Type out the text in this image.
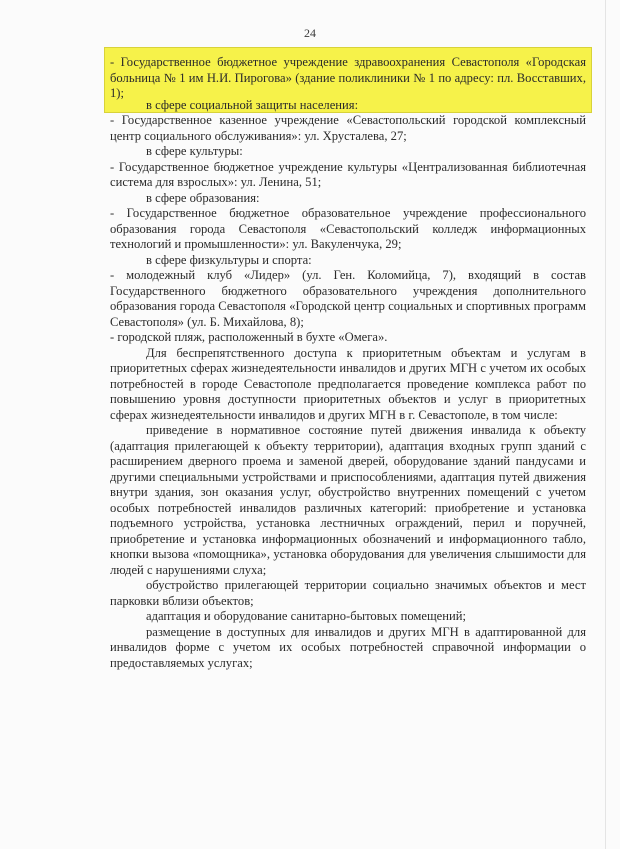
24

- Государственное бюджетное учреждение здравоохранения Севастополя «Городская больница № 1 им Н.И. Пирогова» (здание поликлиники № 1 по адресу: пл. Восставших, 1);

в сфере социальной защиты населения:

- Государственное казенное учреждение «Севастопольский городской комплексный центр социального обслуживания»: ул. Хрусталева, 27;

в сфере культуры:

- Государственное бюджетное учреждение культуры «Централизованная библиотечная система для взрослых»: ул. Ленина, 51;

в сфере образования:

- Государственное бюджетное образовательное учреждение профессионального образования города Севастополя «Севастопольский колледж информационных технологий и промышленности»: ул. Вакуленчука, 29;

в сфере физкультуры и спорта:

- молодежный клуб «Лидер» (ул. Ген. Коломийца, 7), входящий в состав Государственного бюджетного образовательного учреждения дополнительного образования города Севастополя «Городской центр социальных и спортивных программ Севастополя» (ул. Б. Михайлова, 8);

- городской пляж, расположенный в бухте «Омега».

Для беспрепятственного доступа к приоритетным объектам и услугам в приоритетных сферах жизнедеятельности инвалидов и других МГН с учетом их особых потребностей в городе Севастополе предполагается проведение комплекса работ по повышению уровня доступности приоритетных объектов и услуг в приоритетных сферах жизнедеятельности инвалидов и других МГН в г. Севастополе, в том числе:

приведение в нормативное состояние путей движения инвалида к объекту (адаптация прилегающей к объекту территории), адаптация входных групп зданий с расширением дверного проема и заменой дверей, оборудование зданий пандусами и другими специальными устройствами и приспособлениями, адаптация путей движения внутри здания, зон оказания услуг, обустройство внутренних помещений с учетом особых потребностей инвалидов различных категорий: приобретение и установка подъемного устройства, установка лестничных ограждений, перил и поручней, приобретение и установка информационных обозначений и информационного табло, кнопки вызова «помощника», установка оборудования для увеличения слышимости для людей с нарушениями слуха;

обустройство прилегающей территории социально значимых объектов и мест парковки вблизи объектов;

адаптация и оборудование санитарно-бытовых помещений;

размещение в доступных для инвалидов и других МГН в адаптированной для инвалидов форме с учетом их особых потребностей справочной информации о предоставляемых услугах;
